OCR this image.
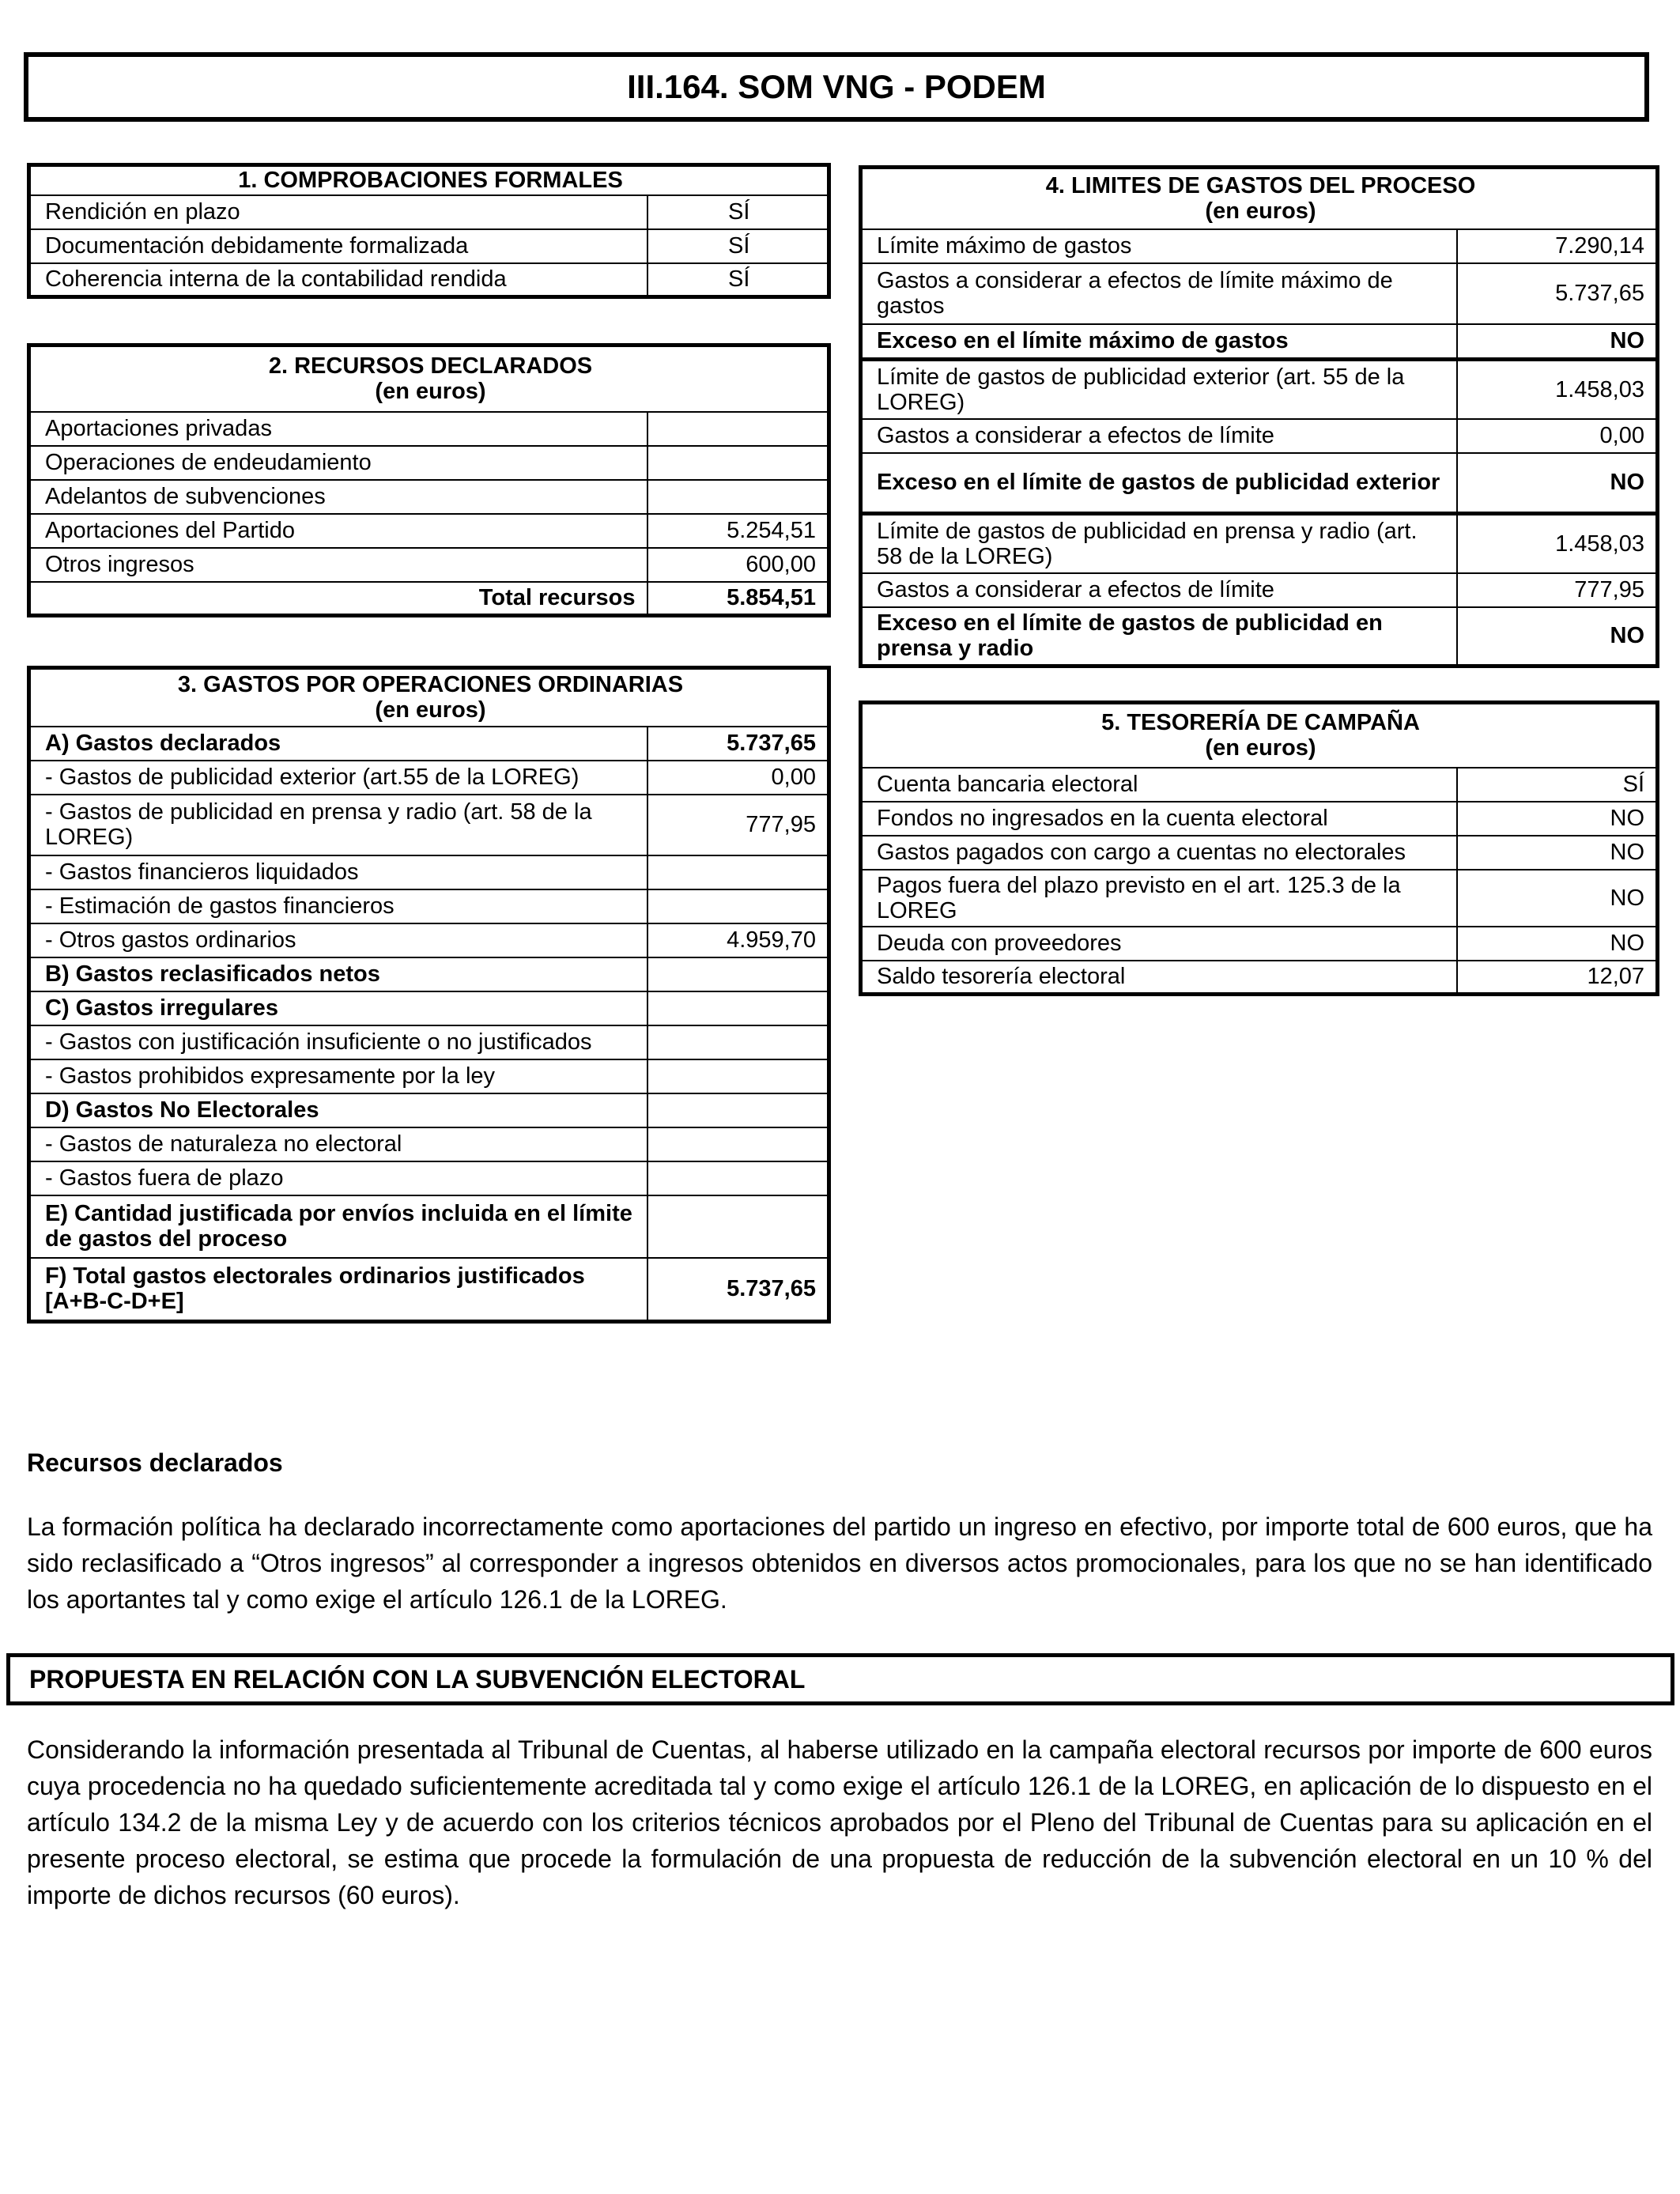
III.164. SOM VNG - PODEM
1. COMPROBACIONES FORMALES	
Rendición en plazo	SÍ
Documentación debidamente formalizada	SÍ
Coherencia interna de la contabilidad rendida	SÍ
2. RECURSOS DECLARADOS
(en euros)	

Aportaciones privadas	
Operaciones de endeudamiento	
Adelantos de subvenciones	
Aportaciones del Partido	5.254,51
Otros ingresos	600,00
Total recursos	5.854,51
3. GASTOS POR OPERACIONES ORDINARIAS
(en euros)	

A) Gastos declarados	5.737,65
- Gastos de publicidad exterior (art.55 de la LOREG)	0,00
- Gastos de publicidad en prensa y radio (art. 58 de la LOREG)	777,95
- Gastos financieros liquidados	
- Estimación de gastos financieros	
- Otros gastos ordinarios	4.959,70
B) Gastos reclasificados netos	
C) Gastos irregulares	
- Gastos con justificación insuficiente o no justificados	
- Gastos prohibidos expresamente por la ley	
D) Gastos No Electorales	
- Gastos de naturaleza no electoral	
- Gastos fuera de plazo	
E) Cantidad justificada por envíos incluida en el límite de gastos del proceso	
F) Total gastos electorales ordinarios justificados [A+B-C-D+E]	5.737,65
4. LIMITES DE GASTOS DEL PROCESO
(en euros)	

Límite máximo de gastos	7.290,14
Gastos a considerar a efectos de límite máximo de gastos	5.737,65
Exceso en el límite máximo de gastos	NO
Límite de gastos de publicidad exterior (art. 55 de la LOREG)	1.458,03
Gastos a considerar a efectos de límite	0,00
Exceso en el límite de gastos de publicidad exterior	NO
Límite de gastos de publicidad en prensa y radio (art. 58 de la LOREG)	1.458,03
Gastos a considerar a efectos de límite	777,95
Exceso en el límite de gastos de publicidad en prensa y radio	NO
5. TESORERÍA DE CAMPAÑA
(en euros)	

Cuenta bancaria electoral	SÍ
Fondos no ingresados en la cuenta electoral	NO
Gastos pagados con cargo a cuentas no electorales	NO
Pagos fuera del plazo previsto en el art. 125.3 de la LOREG	NO
Deuda con proveedores	NO
Saldo tesorería electoral	12,07
Recursos declarados
La formación política ha declarado incorrectamente como aportaciones del partido un ingreso en efectivo, por importe total de 600 euros, que ha sido reclasificado a “Otros ingresos” al corresponder a ingresos obtenidos en diversos actos promocionales, para los que no se han identificado los aportantes tal y como exige el artículo 126.1 de la LOREG.
PROPUESTA EN RELACIÓN CON LA SUBVENCIÓN ELECTORAL
Considerando la información presentada al Tribunal de Cuentas, al haberse utilizado en la campaña electoral recursos por importe de 600 euros cuya procedencia no ha quedado suficientemente acreditada tal y como exige el artículo 126.1 de la LOREG, en aplicación de lo dispuesto en el artículo 134.2 de la misma Ley y de acuerdo con los criterios técnicos aprobados por el Pleno del Tribunal de Cuentas para su aplicación en el presente proceso electoral, se estima que procede la formulación de una propuesta de reducción de la subvención electoral en un 10 % del importe de dichos recursos (60 euros).
